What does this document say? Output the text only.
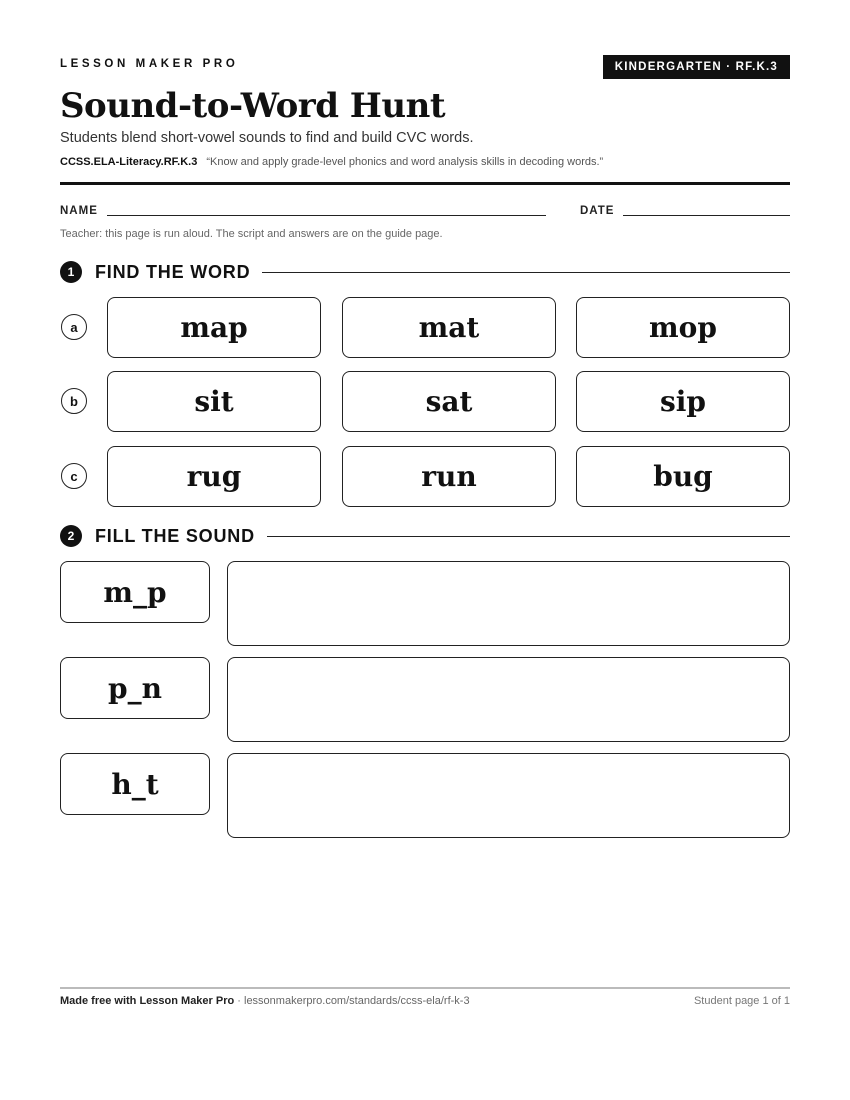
LESSON MAKER PRO	KINDERGARTEN · RF.K.3
Sound-to-Word Hunt
Students blend short-vowel sounds to find and build CVC words.
CCSS.ELA-Literacy.RF.K.3 “Know and apply grade-level phonics and word analysis skills in decoding words.”
NAME	DATE
Teacher: this page is run aloud. The script and answers are on the guide page.
1	FIND THE WORD
a	map	mat	mop
b	sit	sat	sip
c	rug	run	bug
2	FILL THE SOUND
m_p
p_n
h_t
Made free with Lesson Maker Pro · lessonmakerpro.com/standards/ccss-ela/rf-k-3	Student page 1 of 1
